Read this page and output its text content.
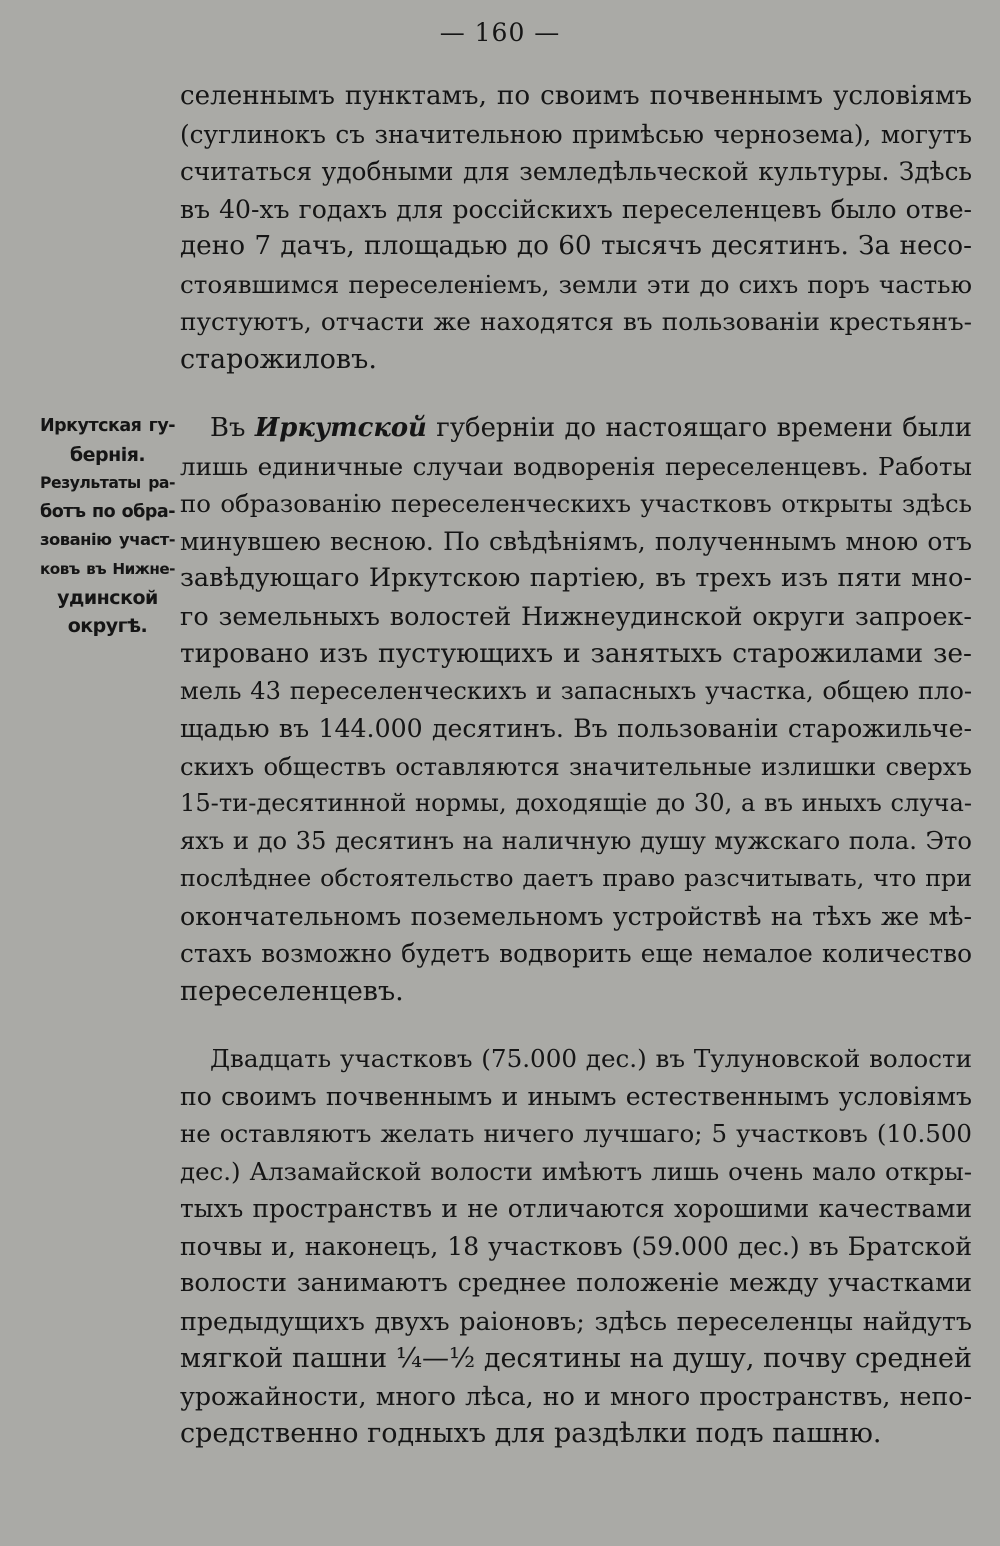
— 160 —
Иркутская гу-
бернія.
Результаты ра-
ботъ по обра-
зованію участ-
ковъ въ Нижне-
удинской
округѣ.
селеннымъ пунктамъ, по своимъ почвеннымъ условіямъ
(суглинокъ съ значительною примѣсью чернозема), могутъ
считаться удобными для земледѣльческой культуры. Здѣсь
въ 40-хъ годахъ для россійскихъ переселенцевъ было отве-
дено 7 дачъ, площадью до 60 тысячъ десятинъ. За несо-
стоявшимся переселеніемъ, земли эти до сихъ поръ частью
пустуютъ, отчасти же находятся въ пользованіи крестьянъ-
старожиловъ.
Въ Иркутской губерніи до настоящаго времени были
лишь единичные случаи водворенія переселенцевъ. Работы
по образованію переселенческихъ участковъ открыты здѣсь
минувшею весною. По свѣдѣніямъ, полученнымъ мною отъ
завѣдующаго Иркутскою партіею, въ трехъ изъ пяти мно-
го земельныхъ волостей Нижнеудинской округи запроек-
тировано изъ пустующихъ и занятыхъ старожилами зе-
мель 43 переселенческихъ и запасныхъ участка, общею пло-
щадью въ 144.000 десятинъ. Въ пользованіи старожильче-
скихъ обществъ оставляются значительные излишки сверхъ
15-ти-десятинной нормы, доходящіе до 30, а въ иныхъ случа-
яхъ и до 35 десятинъ на наличную душу мужскаго пола. Это
послѣднее обстоятельство даетъ право разсчитывать, что при
окончательномъ поземельномъ устройствѣ на тѣхъ же мѣ-
стахъ возможно будетъ водворить еще немалое количество
переселенцевъ.
Двадцать участковъ (75.000 дес.) въ Тулуновской волости
по своимъ почвеннымъ и инымъ естественнымъ условіямъ
не оставляютъ желать ничего лучшаго; 5 участковъ (10.500
дес.) Алзамайской волости имѣютъ лишь очень мало откры-
тыхъ пространствъ и не отличаются хорошими качествами
почвы и, наконецъ, 18 участковъ (59.000 дес.) въ Братской
волости занимаютъ среднее положеніе между участками
предыдущихъ двухъ раіоновъ; здѣсь переселенцы найдутъ
мягкой пашни ¼—½ десятины на душу, почву средней
урожайности, много лѣса, но и много пространствъ, непо-
средственно годныхъ для раздѣлки подъ пашню.
